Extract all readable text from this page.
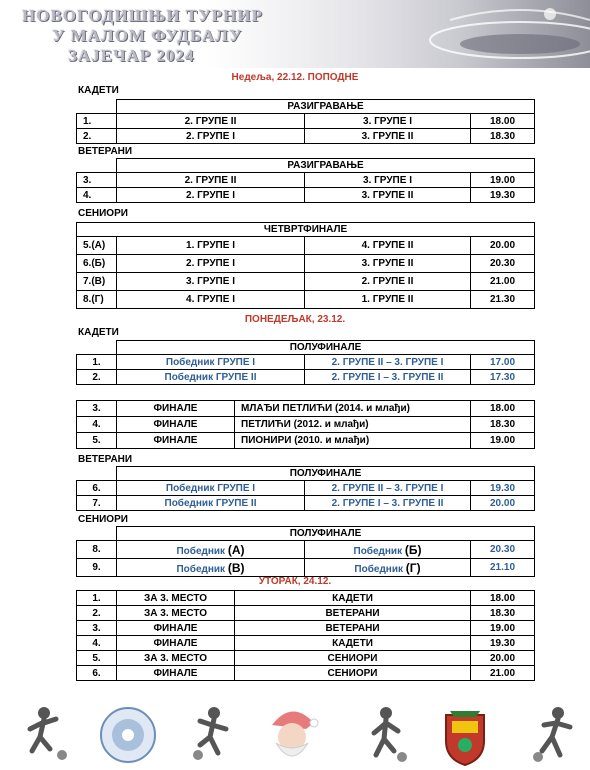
НОВОГОДИШЊИ ТУРНИР
У МАЛОМ ФУДБАЛУ
ЗАЈЕЧАР 2024
Недеља, 22.12. ПОПОДНЕ
КАДЕТИ
	РАЗИГРАВАЊЕ		
1.	2. ГРУПЕ II	3. ГРУПЕ I	18.00
2.	2. ГРУПЕ I	3. ГРУПЕ II	18.30
ВЕТЕРАНИ
	РАЗИГРАВАЊЕ		
3.	2. ГРУПЕ II	3. ГРУПЕ I	19.00
4.	2. ГРУПЕ I	3. ГРУПЕ II	19.30
СЕНИОРИ
ЧЕТВРТФИНАЛЕ			
5.(А)	1. ГРУПЕ I	4. ГРУПЕ II	20.00
6.(Б)	2. ГРУПЕ I	3. ГРУПЕ II	20.30
7.(В)	3. ГРУПЕ I	2. ГРУПЕ II	21.00
8.(Г)	4. ГРУПЕ I	1. ГРУПЕ II	21.30
ПОНЕДЕЉАК, 23.12.
КАДЕТИ
	ПОЛУФИНАЛЕ		
1.	Победник ГРУПЕ I	2. ГРУПЕ II – 3. ГРУПЕ I	17.00
2.	Победник ГРУПЕ II	2. ГРУПЕ I – 3. ГРУПЕ II	17.30
3.	ФИНАЛЕ	МЛАЂИ ПЕТЛИЋИ (2014. и млађи)	18.00
4.	ФИНАЛЕ	ПЕТЛИЋИ (2012. и млађи)	18.30
5.	ФИНАЛЕ	ПИОНИРИ (2010. и млађи)	19.00
ВЕТЕРАНИ
	ПОЛУФИНАЛЕ		
6.	Победник ГРУПЕ I	2. ГРУПЕ II – 3. ГРУПЕ I	19.30
7.	Победник ГРУПЕ II	2. ГРУПЕ I – 3. ГРУПЕ II	20.00
СЕНИОРИ
	ПОЛУФИНАЛЕ		
8.	Победник (А)	Победник (Б)	20.30
9.	Победник (В)	Победник (Г)	21.10
УТОРАК, 24.12.
1.	ЗА 3. МЕСТО	КАДЕТИ	18.00
2.	ЗА 3. МЕСТО	ВЕТЕРАНИ	18.30
3.	ФИНАЛЕ	ВЕТЕРАНИ	19.00
4.	ФИНАЛЕ	КАДЕТИ	19.30
5.	ЗА 3. МЕСТО	СЕНИОРИ	20.00
6.	ФИНАЛЕ	СЕНИОРИ	21.00
